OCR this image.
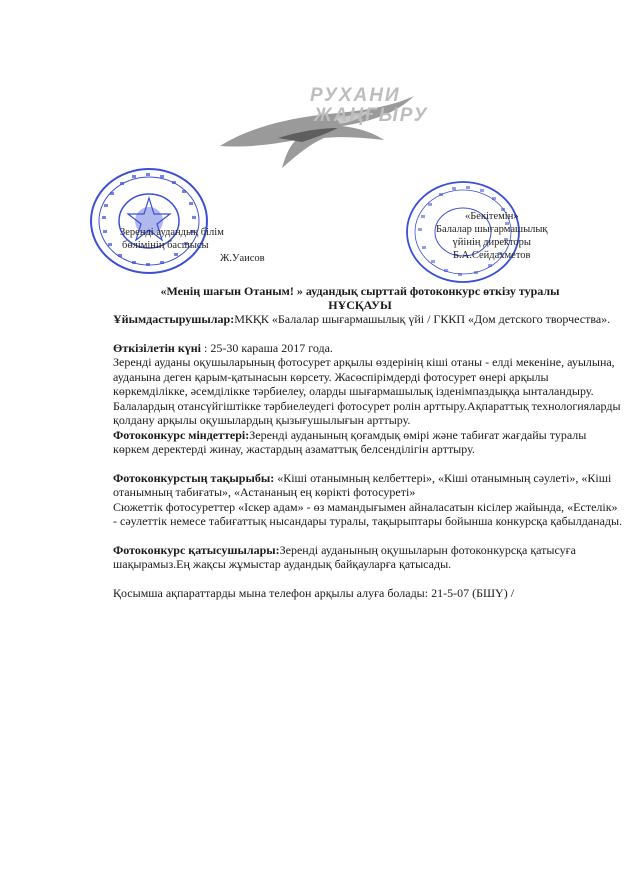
РУХАНИ
ЖАҢҒЫРУ
Зеренді аудандық білім
бөлімінің басшысы
Ж.Уаисов
«Бекітемін»
Балалар шығармашылық
үйінің директоры
Б.А.Сейдахметов
«Менің шағын Отаным! » аудандық сырттай фотоконкурс өткізу туралы
НҰСҚАУЫ

Ұйымдастырушылар:МКҚК «Балалар шығармашылық үйі / ГККП «Дом детского творчества».

Өткізілетін күні : 25-30 караша 2017 года.

Зеренді ауданы оқушыларының фотосурет арқылы өздерінің кіші отаны - елді мекеніне, ауылына, ауданына деген қарым-қатынасын көрсету. Жасөспірімдерді фотосурет өнері арқылы көркемділікке, әсемділікке тәрбиелеу, оларды шығармашылық ізденімпаздыққа ынталандыру.

Балалардың отансүйгіштікке тәрбиелеудегі фотосурет ролін арттыру.Ақпараттық технологияларды қолдану арқылы оқушылардың қызығушылығын арттыру.

Фотоконкурс міндеттері:Зеренді ауданының қоғамдық өмірі және табиғат жағдайы туралы көркем деректерді жинау, жастардың азаматтық белсенділігін арттыру.

Фотоконкурстың тақырыбы: «Кіші отанымның келбеттері», «Кіші отанымның сәулеті», «Кіші отанымның табиғаты», «Астананың ең көрікті фотосуреті»

Сюжеттік фотосуреттер «Іскер адам» - өз мамандығымен айналасатын кісілер жайында, «Естелік» - сәулеттік немесе табиғаттық нысандары туралы, тақырыптары бойынша конкурсқа қабылданады.

Фотоконкурс қатысушылары:Зеренді ауданының оқушыларын фотоконкурсқа қатысуға шақырамыз.Ең жақсы жұмыстар аудандық байқауларға қатысады.

Қосымша ақпараттарды мына телефон арқылы алуға болады: 21-5-07 (БШҮ) /
